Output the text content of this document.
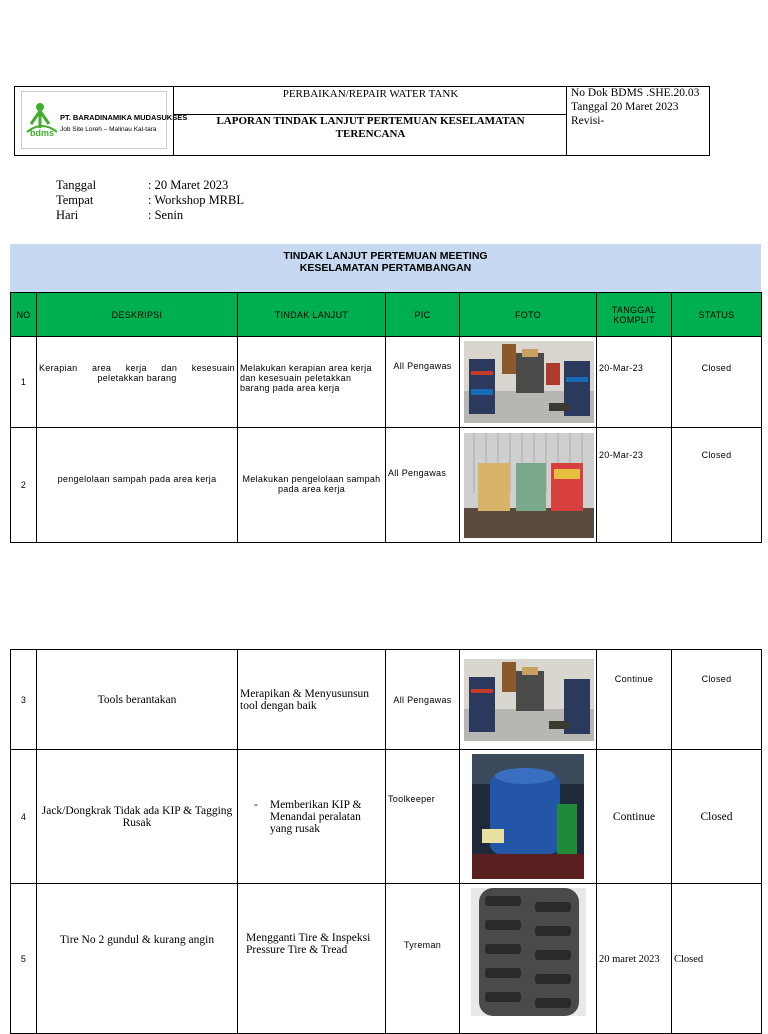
bdms
PT. BARADINAMIKA MUDASUKSES
Job Site Loreh – Malinau Kal-tara
PERBAIKAN/REPAIR WATER TANK
LAPORAN TINDAK LANJUT PERTEMUAN KESELAMATAN
TERENCANA
No Dok BDMS .SHE.20.03
Tanggal 20 Maret 2023
Revisi-
Tanggal	: 20 Maret 2023
Tempat	: Workshop MRBL
Hari	: Senin
TINDAK LANJUT PERTEMUAN MEETING
KESELAMATAN PERTAMBANGAN
NO	DESKRIPSI	TINDAK LANJUT	PIC	FOTO	TANGGAL
KOMPLIT	STATUS
1	Kerapian area kerja dan kesesuain peletakkan barang	Melakukan kerapian area kerja dan kesesuain peletakkan barang pada area kerja	All Pengawas		20-Mar-23	Closed
2	pengelolaan sampah pada area kerja	Melakukan pengelolaan sampah pada area kerja	All Pengawas		20-Mar-23	Closed
3	Tools berantakan	Merapikan & Menyusunsun tool dengan baik	All Pengawas		Continue	Closed
4	Jack/Dongkrak Tidak ada KIP & Tagging Rusak	- Memberikan KIP & Menandai peralatan yang rusak	Toolkeeper		Continue	Closed
5	Tire No 2 gundul & kurang angin	Mengganti Tire & Inspeksi Pressure Tire & Tread	Tyreman		20 maret 2023	Closed
